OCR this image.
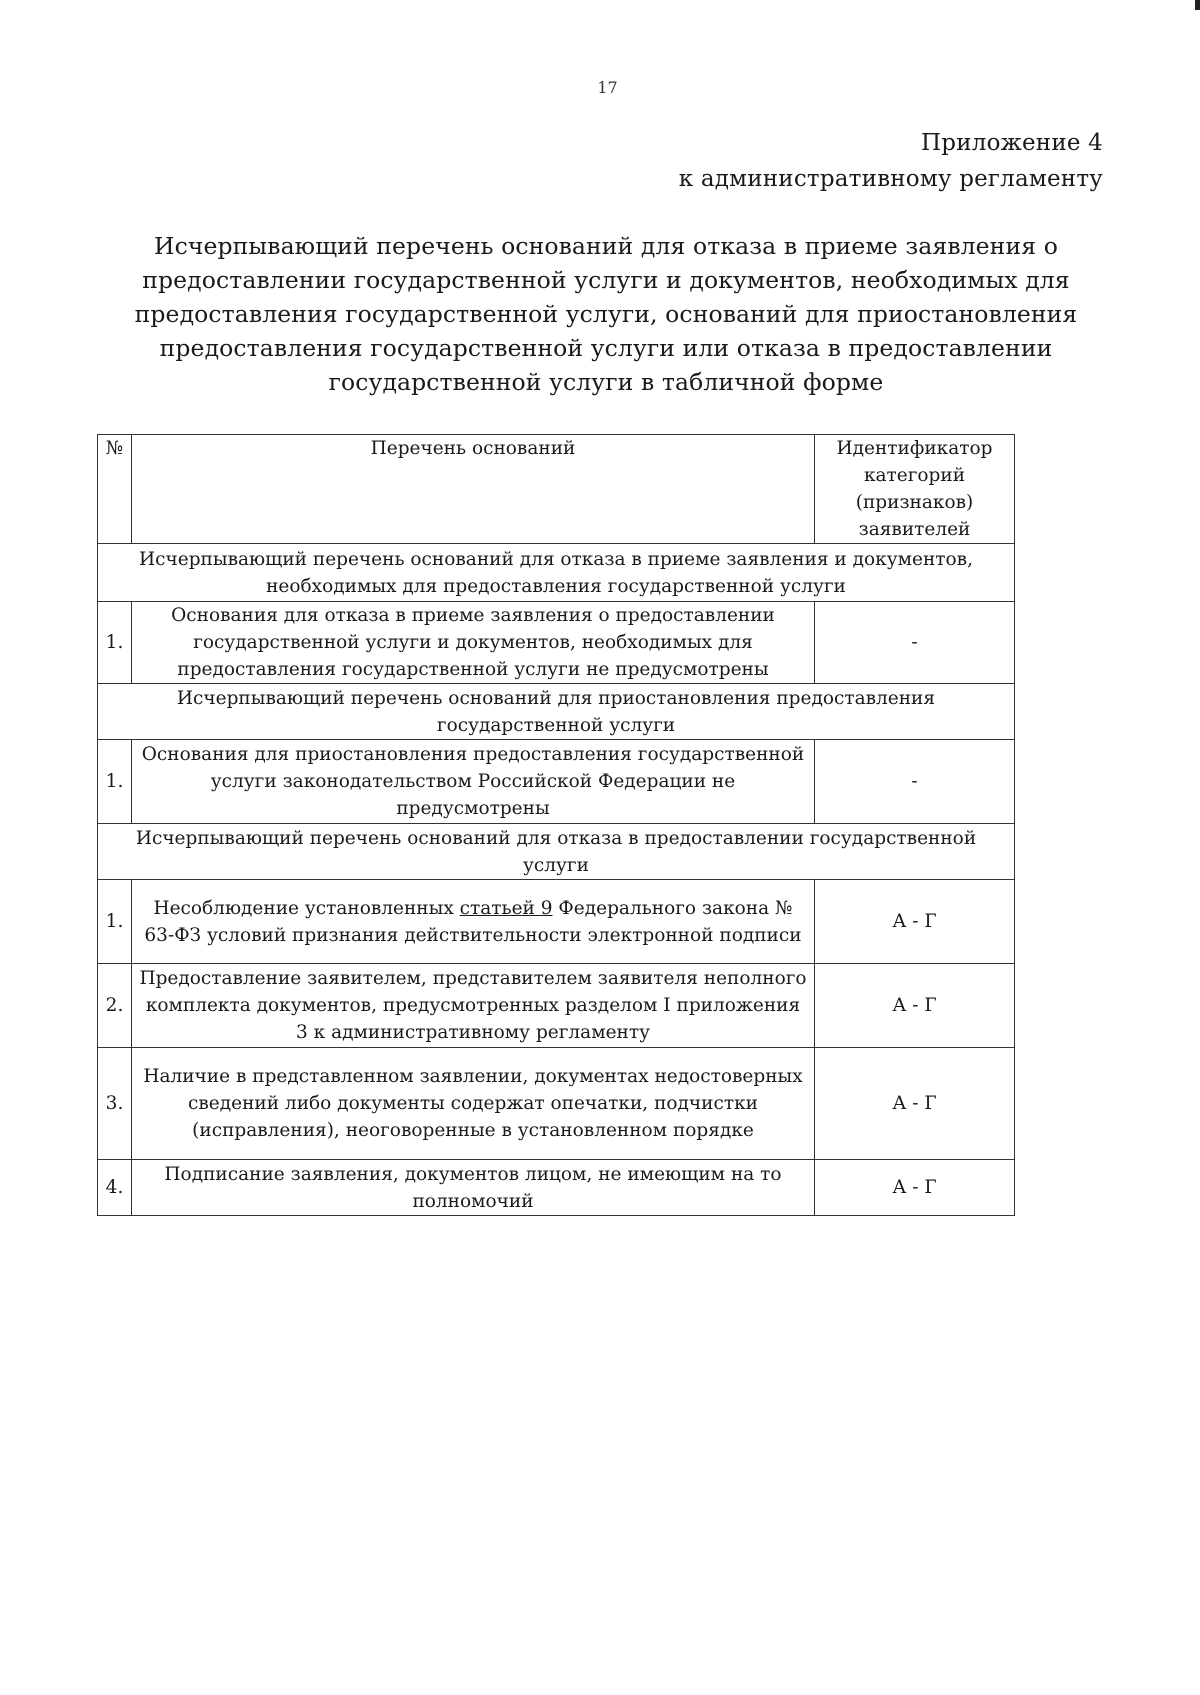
17
Приложение 4
к административному регламенту
Исчерпывающий перечень оснований для отказа в приеме заявления о
предоставлении государственной услуги и документов, необходимых для
предоставления государственной услуги, оснований для приостановления
предоставления государственной услуги или отказа в предоставлении
государственной услуги в табличной форме
№	Перечень оснований	Идентификатор категорий (признаков) заявителей
Исчерпывающий перечень оснований для отказа в приеме заявления и документов, необходимых для предоставления государственной услуги		
1.	Основания для отказа в приеме заявления о предоставлении государственной услуги и документов, необходимых для предоставления государственной услуги не предусмотрены	-
Исчерпывающий перечень оснований для приостановления предоставления государственной услуги		
1.	Основания для приостановления предоставления государственной услуги законодательством Российской Федерации не предусмотрены	-
Исчерпывающий перечень оснований для отказа в предоставлении государственной услуги		
1.	Несоблюдение установленных статьей 9 Федерального закона № 63-ФЗ условий признания действительности электронной подписи	А - Г
2.	Предоставление заявителем, представителем заявителя неполного комплекта документов, предусмотренных разделом I приложения 3 к административному регламенту	А - Г
3.	Наличие в представленном заявлении, документах недостоверных сведений либо документы содержат опечатки, подчистки (исправления), неоговоренные в установленном порядке	А - Г
4.	Подписание заявления, документов лицом, не имеющим на то полномочий	А - Г
